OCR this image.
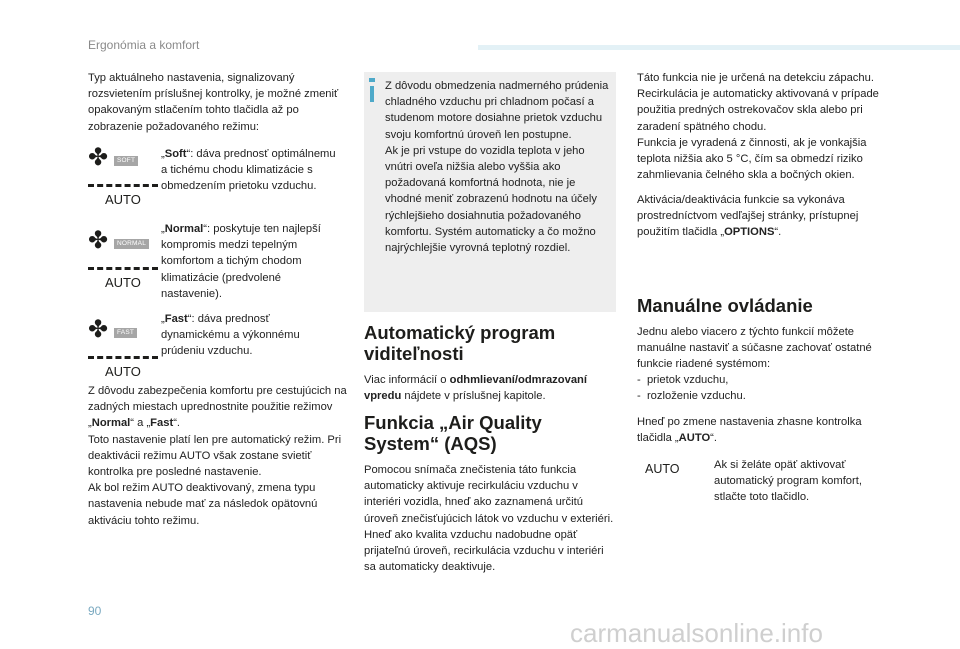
Ergonómia a komfort
Typ aktuálneho nastavenia, signalizovaný rozsvietením príslušnej kontrolky, je možné zmeniť opakovaným stlačením tohto tlačidla až po zobrazenie požadovaného režimu:
✤	SOFT
AUTO
„Soft“: dáva prednosť optimálnemu a tichému chodu klimatizácie s obmedzením prietoku vzduchu.
✤	NORMAL
AUTO
„Normal“: poskytuje ten najlepší kompromis medzi tepelným komfortom a tichým chodom klimatizácie (predvolené nastavenie).
✤	FAST
AUTO
„Fast“: dáva prednosť dynamickému a výkonnému prúdeniu vzduchu.

Z dôvodu zabezpečenia komfortu pre cestujúcich na zadných miestach uprednostnite použitie režimov „Normal“ a „Fast“.

Toto nastavenie platí len pre automatický režim. Pri deaktivácii režimu AUTO však zostane svietiť kontrolka pre posledné nastavenie.

Ak bol režim AUTO deaktivovaný, zmena typu nastavenia nebude mať za následok opätovnú aktiváciu tohto režimu.

Z dôvodu obmedzenia nadmerného prúdenia chladného vzduchu pri chladnom počasí a studenom motore dosiahne prietok vzduchu svoju komfortnú úroveň len postupne.

Ak je pri vstupe do vozidla teplota v jeho vnútri oveľa nižšia alebo vyššia ako požadovaná komfortná hodnota, nie je vhodné meniť zobrazenú hodnotu na účely rýchlejšieho dosiahnutia požadovaného komfortu. Systém automaticky a čo možno najrýchlejšie vyrovná teplotný rozdiel.

Automatický program viditeľnosti
Viac informácií o odhmlievaní/odmrazovaní vpredu nájdete v príslušnej kapitole.
Funkcia „Air Quality System“ (AQS)

Pomocou snímača znečistenia táto funkcia automaticky aktivuje recirkuláciu vzduchu v interiéri vozidla, hneď ako zaznamená určitú úroveň znečisťujúcich látok vo vzduchu v exteriéri.

Hneď ako kvalita vzduchu nadobudne opäť prijateľnú úroveň, recirkulácia vzduchu v interiéri sa automaticky deaktivuje.

Táto funkcia nie je určená na detekciu zápachu. Recirkulácia je automaticky aktivovaná v prípade použitia predných ostrekovačov skla alebo pri zaradení spätného chodu.

Funkcia je vyradená z činnosti, ak je vonkajšia teplota nižšia ako 5 °C, čím sa obmedzí riziko zahmlievania čelného skla a bočných okien.

Aktivácia/deaktivácia funkcie sa vykonáva prostredníctvom vedľajšej stránky, prístupnej použitím tlačidla „OPTIONS“.
Manuálne ovládanie
Jednu alebo viacero z týchto funkcií môžete manuálne nastaviť a súčasne zachovať ostatné funkcie riadené systémom:
- prietok vzduchu,
- rozloženie vzduchu.
Hneď po zmene nastavenia zhasne kontrolka tlačidla „AUTO“.
AUTO	Ak si želáte opäť aktivovať automatický program komfort, stlačte toto tlačidlo.
90
carmanualsonline.info
